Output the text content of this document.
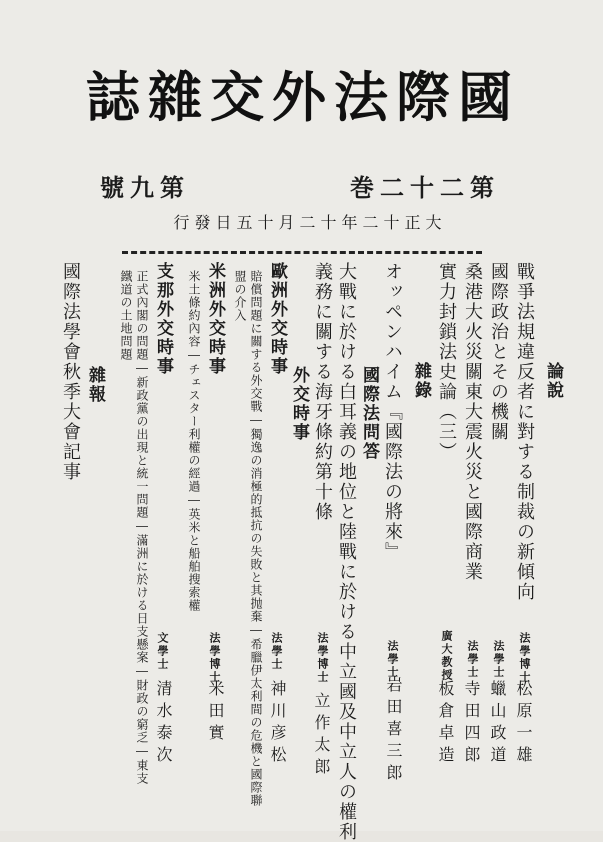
國際法外交雜誌
第九號	第二十二巻
大正十二年十二月十五日發行
論說
戰爭法規違反者に對する制裁の新傾向
法學博士
松原一雄
國際政治とその機關
法學士
蠟山政道
桑港大火災關東大震火災と國際商業
法學士
寺田四郎
實力封鎖法史論（三）
廣大教授
板倉卓造
雜錄
オッペンハイム『國際法の將來』
法學士
岩田喜三郎
國際法問答
大戰に於ける白耳義の地位と陸戰に於ける中立國及中立人の權利
義務に關する海牙條約第十條
法學博士
立作太郎
外交時事
歐洲外交時事
賠償問題に關する外交戰―獨逸の消極的抵抗の失敗と其抛棄―希臘伊太利間の危機と國際聯
盟の介入
法學士
神川彦松
米洲外交時事
米土條約內容―チェスター利權の經過―英米と船舶搜索權
法學博士
米田實
支那外交時事
正式內閣の問題―新政黨の出現と統一問題―滿洲に於ける日支懸案―財政の窮乏―東支
鐵道の土地問題
文學士
清水泰次
雜報
國際法學會秋季大會記事
